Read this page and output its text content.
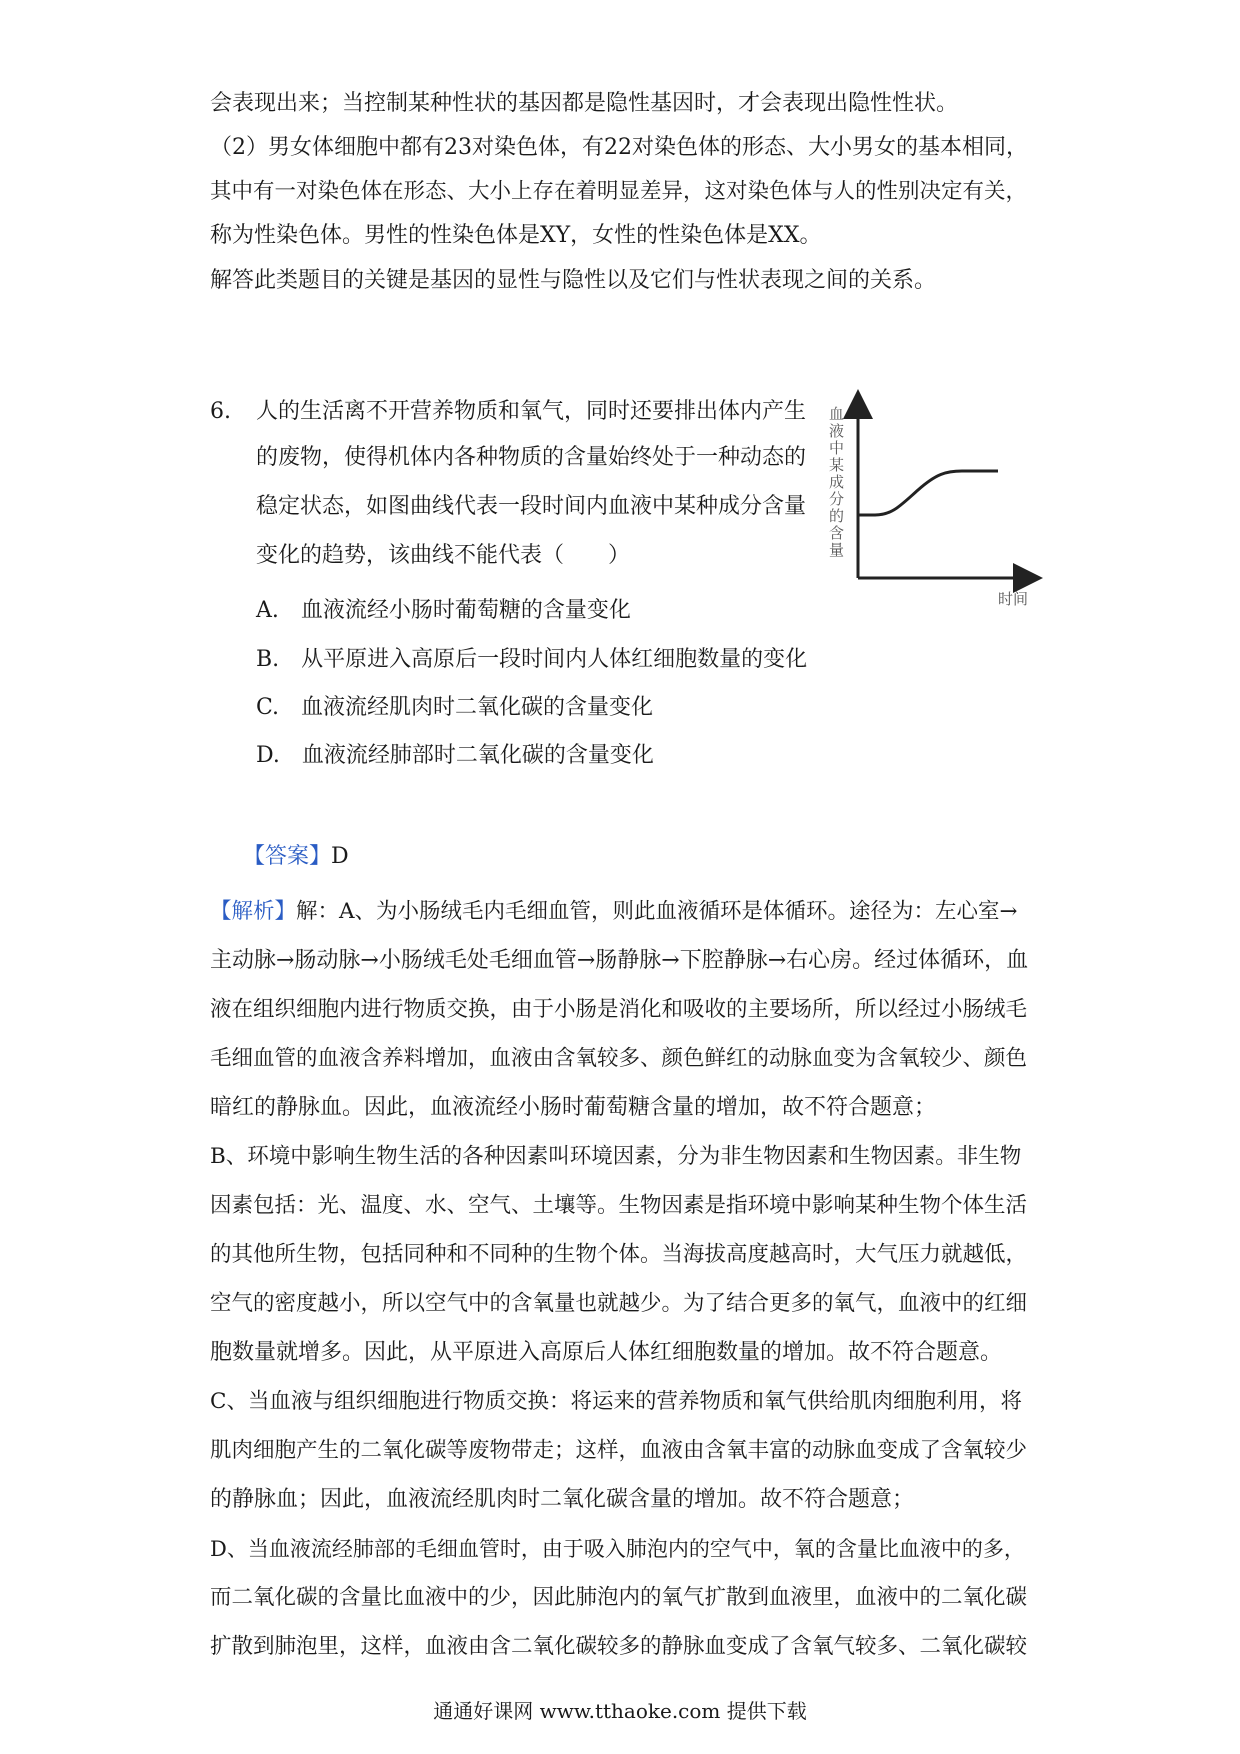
会表现出来；当控制某种性状的基因都是隐性基因时，才会表现出隐性性状。
（2）男女体细胞中都有23对染色体，有22对染色体的形态、大小男女的基本相同，
其中有一对染色体在形态、大小上存在着明显差异，这对染色体与人的性别决定有关，
称为性染色体。男性的性染色体是XY，女性的性染色体是XX。
解答此类题目的关键是基因的显性与隐性以及它们与性状表现之间的关系。
6. 人的生活离不开营养物质和氧气，同时还要排出体内产生
的废物，使得机体内各种物质的含量始终处于一种动态的
稳定状态，如图曲线代表一段时间内血液中某种成分含量
变化的趋势，该曲线不能代表（　　）
A.　血液流经小肠时葡萄糖的含量变化
B.　从平原进入高原后一段时间内人体红细胞数量的变化
C.　血液流经肌肉时二氧化碳的含量变化
D.　血液流经肺部时二氧化碳的含量变化
血液中某成分的含量
时间
【答案】D
【解析】解：A、为小肠绒毛内毛细血管，则此血液循环是体循环。途径为：左心室→
主动脉→肠动脉→小肠绒毛处毛细血管→肠静脉→下腔静脉→右心房。经过体循环，血
液在组织细胞内进行物质交换，由于小肠是消化和吸收的主要场所，所以经过小肠绒毛
毛细血管的血液含养料增加，血液由含氧较多、颜色鲜红的动脉血变为含氧较少、颜色
暗红的静脉血。因此，血液流经小肠时葡萄糖含量的增加，故不符合题意；
B、环境中影响生物生活的各种因素叫环境因素，分为非生物因素和生物因素。非生物
因素包括：光、温度、水、空气、土壤等。生物因素是指环境中影响某种生物个体生活
的其他所生物，包括同种和不同种的生物个体。当海拔高度越高时，大气压力就越低，
空气的密度越小，所以空气中的含氧量也就越少。为了结合更多的氧气，血液中的红细
胞数量就增多。因此，从平原进入高原后人体红细胞数量的增加。故不符合题意。
C、当血液与组织细胞进行物质交换：将运来的营养物质和氧气供给肌肉细胞利用，将
肌肉细胞产生的二氧化碳等废物带走；这样，血液由含氧丰富的动脉血变成了含氧较少
的静脉血；因此，血液流经肌肉时二氧化碳含量的增加。故不符合题意；
D、当血液流经肺部的毛细血管时，由于吸入肺泡内的空气中，氧的含量比血液中的多，
而二氧化碳的含量比血液中的少，因此肺泡内的氧气扩散到血液里，血液中的二氧化碳
扩散到肺泡里，这样，血液由含二氧化碳较多的静脉血变成了含氧气较多、二氧化碳较
通通好课网 www.tthaoke.com 提供下载
